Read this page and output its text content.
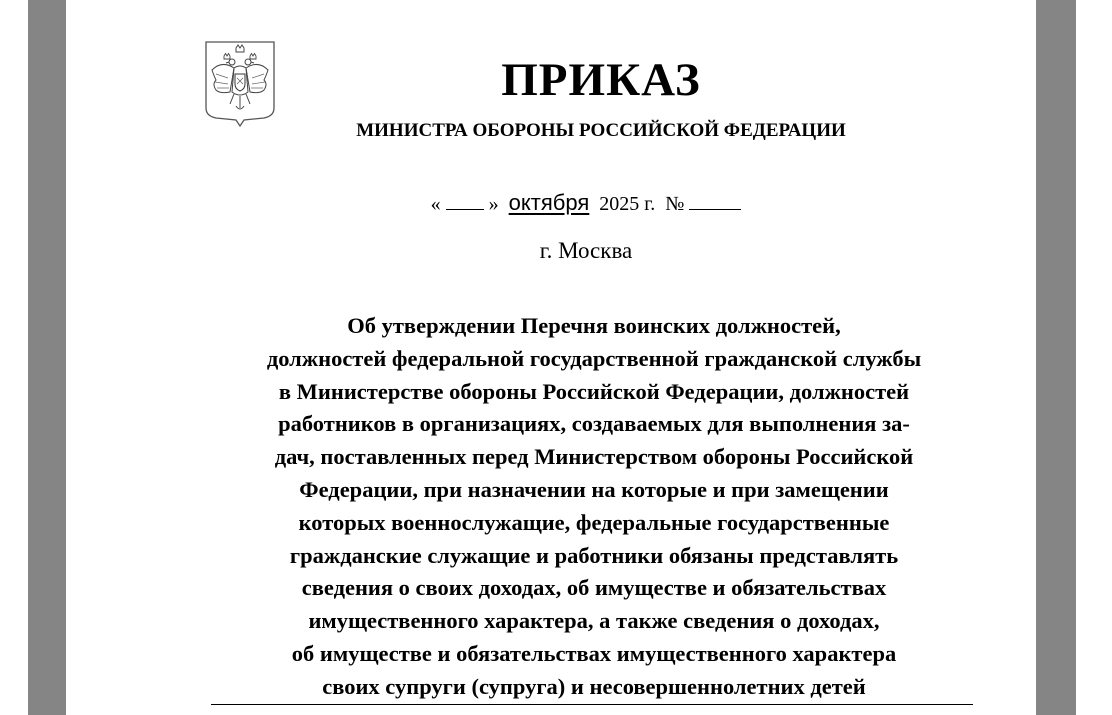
ПРИКАЗ
МИНИСТРА ОБОРОНЫ РОССИЙСКОЙ ФЕДЕРАЦИИ
« » октября 2025 г. №
г. Москва
Об утверждении Перечня воинских должностей,
должностей федеральной государственной гражданской службы
в Министерстве обороны Российской Федерации, должностей
работников в организациях, создаваемых для выполнения за-
дач, поставленных перед Министерством обороны Российской
Федерации, при назначении на которые и при замещении
которых военнослужащие, федеральные государственные
гражданские служащие и работники обязаны представлять
сведения о своих доходах, об имуществе и обязательствах
имущественного характера, а также сведения о доходах,
об имуществе и обязательствах имущественного характера
своих супруги (супруга) и несовершеннолетних детей
